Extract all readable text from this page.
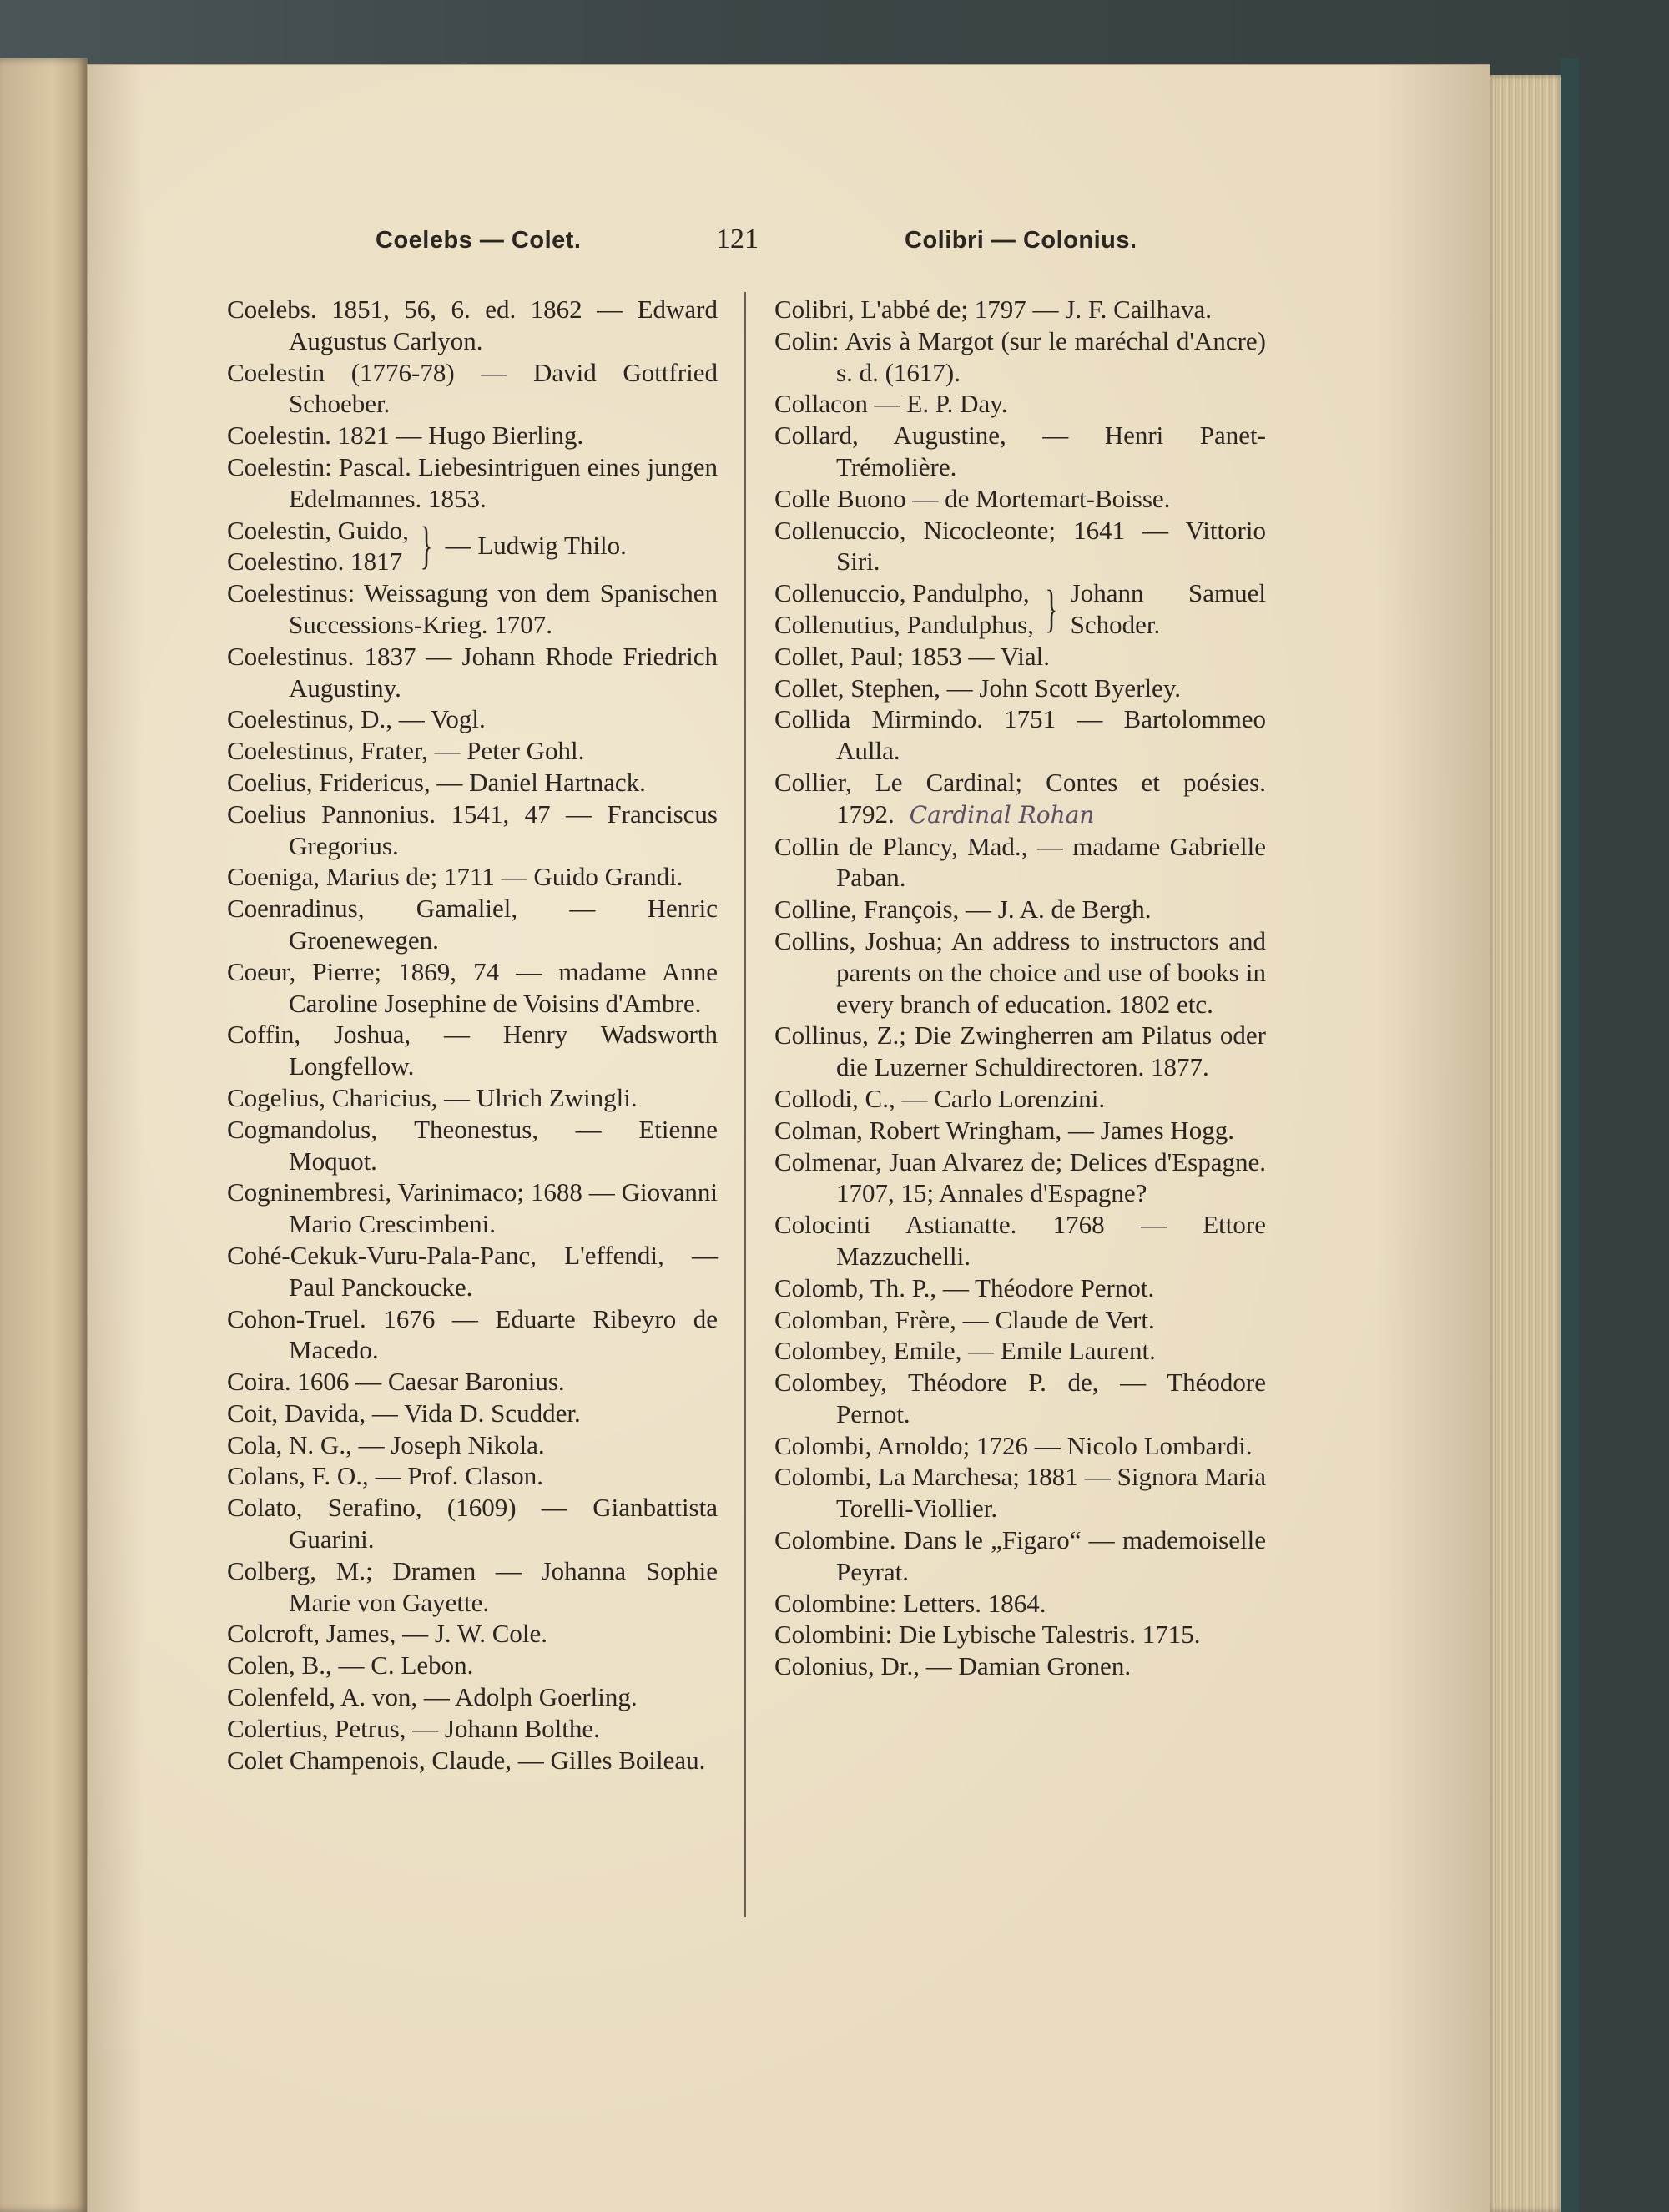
Coelebs — Colet.	121	Colibri — Colonius.

Coelebs. 1851, 56, 6. ed. 1862 — Edward Augustus Carlyon.

Coelestin (1776-78) — David Gottfried Schoeber.

Coelestin. 1821 — Hugo Bierling.

Coelestin: Pascal. Liebesintriguen eines jungen Edelmannes. 1853.

Coelestin, Guido,
Coelestino. 1817 } — Ludwig Thilo.

Coelestinus: Weissagung von dem Spanischen Successions-Krieg. 1707.

Coelestinus. 1837 — Johann Rhode Friedrich Augustiny.

Coelestinus, D., — Vogl.

Coelestinus, Frater, — Peter Gohl.

Coelius, Fridericus, — Daniel Hartnack.

Coelius Pannonius. 1541, 47 — Franciscus Gregorius.

Coeniga, Marius de; 1711 — Guido Grandi.

Coenradinus, Gamaliel, — Henric Groenewegen.

Coeur, Pierre; 1869, 74 — madame Anne Caroline Josephine de Voisins d'Ambre.

Coffin, Joshua, — Henry Wadsworth Longfellow.

Cogelius, Charicius, — Ulrich Zwingli.

Cogmandolus, Theonestus, — Etienne Moquot.

Cogninembresi, Varinimaco; 1688 — Giovanni Mario Crescimbeni.

Cohé-Cekuk-Vuru-Pala-Panc, L'effendi, — Paul Panckoucke.

Cohon-Truel. 1676 — Eduarte Ribeyro de Macedo.

Coira. 1606 — Caesar Baronius.

Coit, Davida, — Vida D. Scudder.

Cola, N. G., — Joseph Nikola.

Colans, F. O., — Prof. Clason.

Colato, Serafino, (1609) — Gianbattista Guarini.

Colberg, M.; Dramen — Johanna Sophie Marie von Gayette.

Colcroft, James, — J. W. Cole.

Colen, B., — C. Lebon.

Colenfeld, A. von, — Adolph Goerling.

Colertius, Petrus, — Johann Bolthe.

Colet Champenois, Claude, — Gilles Boileau.

Colibri, L'abbé de; 1797 — J. F. Cailhava.

Colin: Avis à Margot (sur le maréchal d'Ancre) s. d. (1617).

Collacon — E. P. Day.

Collard, Augustine, — Henri Panet-Trémolière.

Colle Buono — de Mortemart-Boisse.

Collenuccio, Nicocleonte; 1641 — Vittorio Siri.

Collenuccio, Pandulpho,
Collenutius, Pandulphus, } Johann Samuel Schoder.

Collet, Paul; 1853 — Vial.

Collet, Stephen, — John Scott Byerley.

Collida Mirmindo. 1751 — Bartolommeo Aulla.

Collier, Le Cardinal; Contes et poésies. 1792. Cardinal Rohan

Collin de Plancy, Mad., — madame Gabrielle Paban.

Colline, François, — J. A. de Bergh.

Collins, Joshua; An address to instructors and parents on the choice and use of books in every branch of education. 1802 etc.

Collinus, Z.; Die Zwingherren am Pilatus oder die Luzerner Schuldirectoren. 1877.

Collodi, C., — Carlo Lorenzini.

Colman, Robert Wringham, — James Hogg.

Colmenar, Juan Alvarez de; Delices d'Espagne. 1707, 15; Annales d'Espagne?

Colocinti Astianatte. 1768 — Ettore Mazzuchelli.

Colomb, Th. P., — Théodore Pernot.

Colomban, Frère, — Claude de Vert.

Colombey, Emile, — Emile Laurent.

Colombey, Théodore P. de, — Théodore Pernot.

Colombi, Arnoldo; 1726 — Nicolo Lombardi.

Colombi, La Marchesa; 1881 — Signora Maria Torelli-Viollier.

Colombine. Dans le „Figaro“ — mademoiselle Peyrat.

Colombine: Letters. 1864.

Colombini: Die Lybische Talestris. 1715.

Colonius, Dr., — Damian Gronen.
